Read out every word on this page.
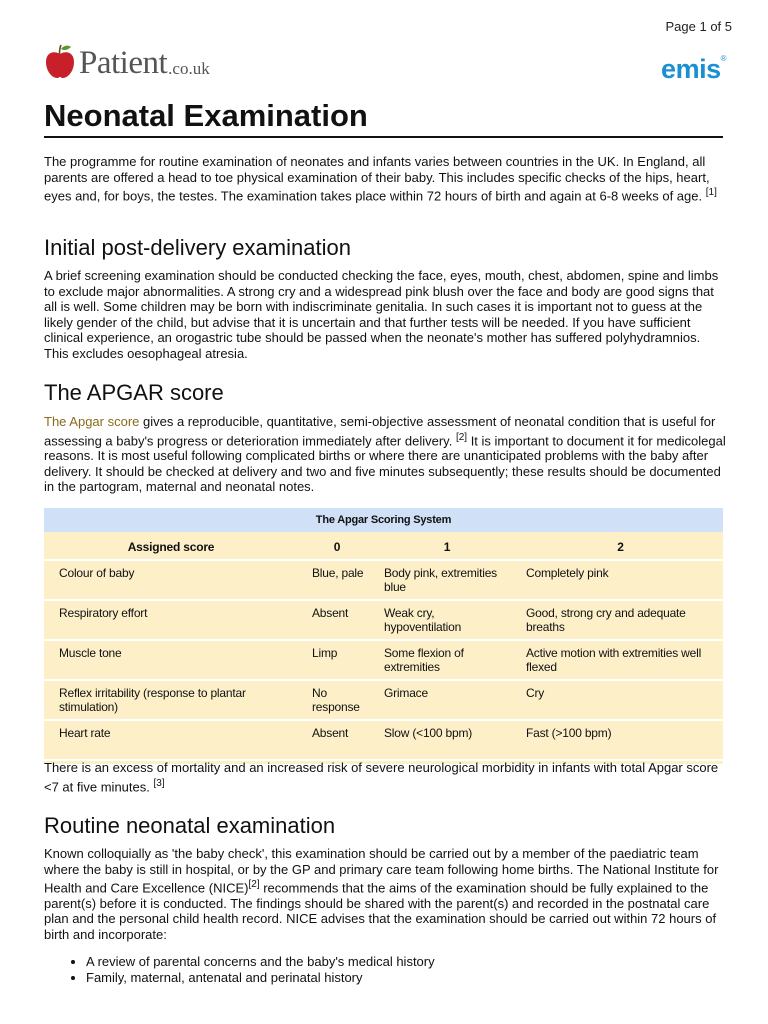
Page 1 of 5
Patient .co.uk	emis®
Neonatal Examination

The programme for routine examination of neonates and infants varies between countries in the UK. In England, all parents are offered a head to toe physical examination of their baby. This includes specific checks of the hips, heart, eyes and, for boys, the testes. The examination takes place within 72 hours of birth and again at 6-8 weeks of age. [1]

Initial post-delivery examination

A brief screening examination should be conducted checking the face, eyes, mouth, chest, abdomen, spine and limbs to exclude major abnormalities. A strong cry and a widespread pink blush over the face and body are good signs that all is well. Some children may be born with indiscriminate genitalia. In such cases it is important not to guess at the likely gender of the child, but advise that it is uncertain and that further tests will be needed. If you have sufficient clinical experience, an orogastric tube should be passed when the neonate's mother has suffered polyhydramnios. This excludes oesophageal atresia.

The APGAR score

The Apgar score gives a reproducible, quantitative, semi-objective assessment of neonatal condition that is useful for assessing a baby's progress or deterioration immediately after delivery. [2] It is important to document it for medicolegal reasons. It is most useful following complicated births or where there are unanticipated problems with the baby after delivery. It should be checked at delivery and two and five minutes subsequently; these results should be documented in the partogram, maternal and neonatal notes.

The Apgar Scoring System			
Assigned score	0	1	2
Colour of baby	Blue, pale	Body pink, extremities blue	Completely pink
Respiratory effort	Absent	Weak cry, hypoventilation	Good, strong cry and adequate breaths
Muscle tone	Limp	Some flexion of extremities	Active motion with extremities well flexed
Reflex irritability (response to plantar stimulation)	No response	Grimace	Cry
Heart rate	Absent	Slow (<100 bpm)	Fast (>100 bpm)

There is an excess of mortality and an increased risk of severe neurological morbidity in infants with total Apgar score <7 at five minutes. [3]

Routine neonatal examination

Known colloquially as 'the baby check', this examination should be carried out by a member of the paediatric team where the baby is still in hospital, or by the GP and primary care team following home births. The National Institute for Health and Care Excellence (NICE)[2] recommends that the aims of the examination should be fully explained to the parent(s) before it is conducted. The findings should be shared with the parent(s) and recorded in the postnatal care plan and the personal child health record. NICE advises that the examination should be carried out within 72 hours of birth and incorporate:

• A review of parental concerns and the baby's medical history
• Family, maternal, antenatal and perinatal history
